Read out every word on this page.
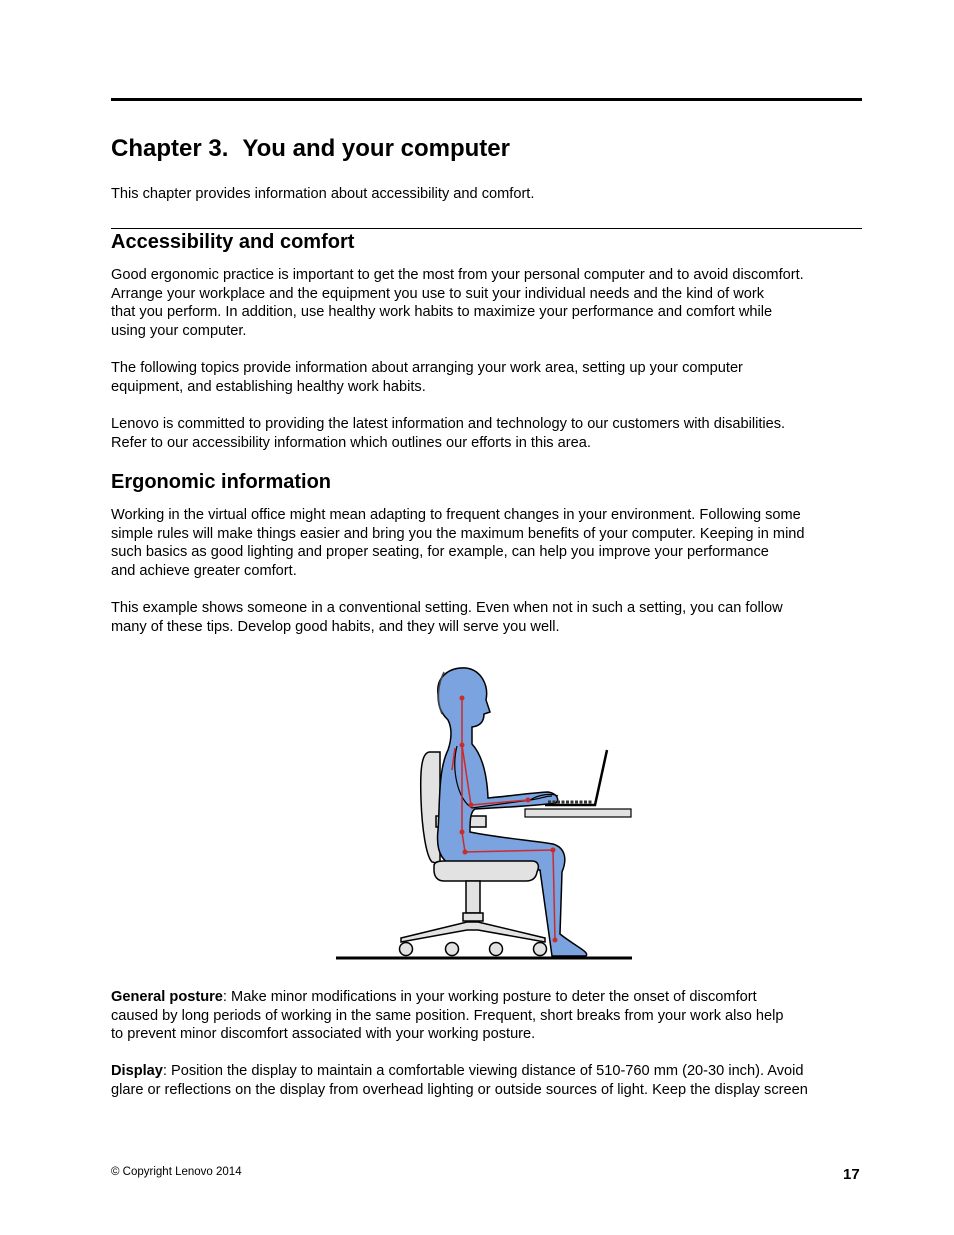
Chapter 3. You and your computer

This chapter provides information about accessibility and comfort.

Accessibility and comfort

Good ergonomic practice is important to get the most from your personal computer and to avoid discomfort.
Arrange your workplace and the equipment you use to suit your individual needs and the kind of work
that you perform. In addition, use healthy work habits to maximize your performance and comfort while
using your computer.

The following topics provide information about arranging your work area, setting up your computer
equipment, and establishing healthy work habits.

Lenovo is committed to providing the latest information and technology to our customers with disabilities.
Refer to our accessibility information which outlines our efforts in this area.

Ergonomic information

Working in the virtual office might mean adapting to frequent changes in your environment. Following some
simple rules will make things easier and bring you the maximum benefits of your computer. Keeping in mind
such basics as good lighting and proper seating, for example, can help you improve your performance
and achieve greater comfort.

This example shows someone in a conventional setting. Even when not in such a setting, you can follow
many of these tips. Develop good habits, and they will serve you well.

General posture: Make minor modifications in your working posture to deter the onset of discomfort
caused by long periods of working in the same position. Frequent, short breaks from your work also help
to prevent minor discomfort associated with your working posture.

Display: Position the display to maintain a comfortable viewing distance of 510-760 mm (20-30 inch). Avoid
glare or reflections on the display from overhead lighting or outside sources of light. Keep the display screen

© Copyright Lenovo 2014	17
